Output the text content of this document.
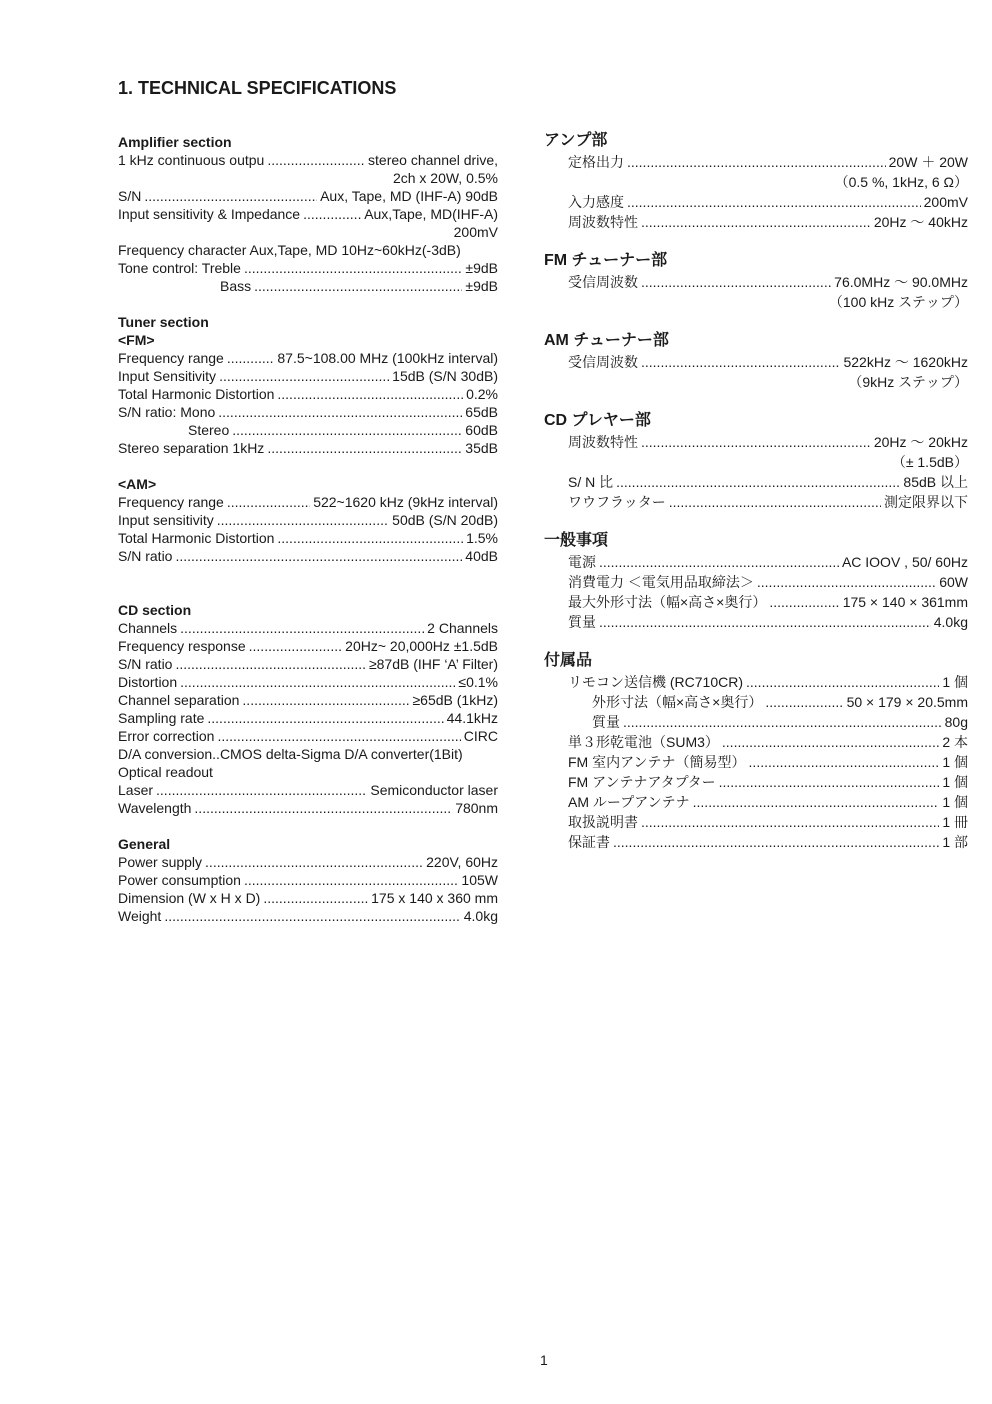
1. TECHNICAL SPECIFICATIONS
Amplifier section
1 kHz continuous outpu .....	stereo channel drive,
2ch x 20W, 0.5%
S/N .....	Aux, Tape, MD (IHF-A) 90dB
Input sensitivity & Impedance .....	Aux,Tape, MD(IHF-A)
200mV
Frequency character Aux,Tape, MD 10Hz~60kHz(-3dB)
Tone control: Treble .....	±9dB
Bass .....	±9dB
Tuner section
<FM>
Frequency range .....	87.5~108.00 MHz (100kHz interval)
Input Sensitivity .....	15dB (S/N 30dB)
Total Harmonic Distortion .....	0.2%
S/N ratio: Mono .....	65dB
Stereo .....	60dB
Stereo separation 1kHz .....	35dB
<AM>
Frequency range .....	522~1620 kHz (9kHz interval)
Input sensitivity .....	50dB (S/N 20dB)
Total Harmonic Distortion .....	1.5%
S/N ratio .....	40dB
CD section
Channels .....	2 Channels
Frequency response .....	20Hz~ 20,000Hz ±1.5dB
S/N ratio .....	≥87dB (IHF ‘A’ Filter)
Distortion .....	≤0.1%
Channel separation .....	≥65dB (1kHz)
Sampling rate .....	44.1kHz
Error correction .....	CIRC
D/A conversion..CMOS delta-Sigma D/A converter(1Bit)
Optical readout
Laser .....	Semiconductor laser
Wavelength .....	780nm
General
Power supply .....	220V, 60Hz
Power consumption .....	105W
Dimension (W x H x D) .....	175 x 140 x 360 mm
Weight .....	4.0kg
アンプ部
定格出力 .....	20W ＋ 20W
（0.5 %, 1kHz, 6 Ω）
入力感度 .....	200mV
周波数特性 .....	20Hz ～ 40kHz
FM チューナー部
受信周波数 .....	76.0MHz ～ 90.0MHz
（100 kHz ステップ）
AM チューナー部
受信周波数 .....	522kHz ～ 1620kHz
（9kHz ステップ）
CD プレヤー部
周波数特性 .....	20Hz ～ 20kHz
（± 1.5dB）
S/ N 比 .....	85dB 以上
ワウフラッター .....	測定限界以下
一般事項
電源 .....	AC IOOV , 50/ 60Hz
消費電力 ＜電気用品取締法＞ .....	60W
最大外形寸法（幅×高さ×奥行） .....	175 × 140 × 361mm
質量 .....	4.0kg
付属品
リモコン送信機 (RC710CR) .....	1 個
外形寸法（幅×高さ×奥行） .....	50 × 179 × 20.5mm
質量 .....	80g
単３形乾電池（SUM3） .....	2 本
FM 室内アンテナ（簡易型） .....	1 個
FM アンテナアタプター .....	1 個
AM ループアンテナ .....	1 個
取扱説明書 .....	1 冊
保証書 .....	1 部
1
